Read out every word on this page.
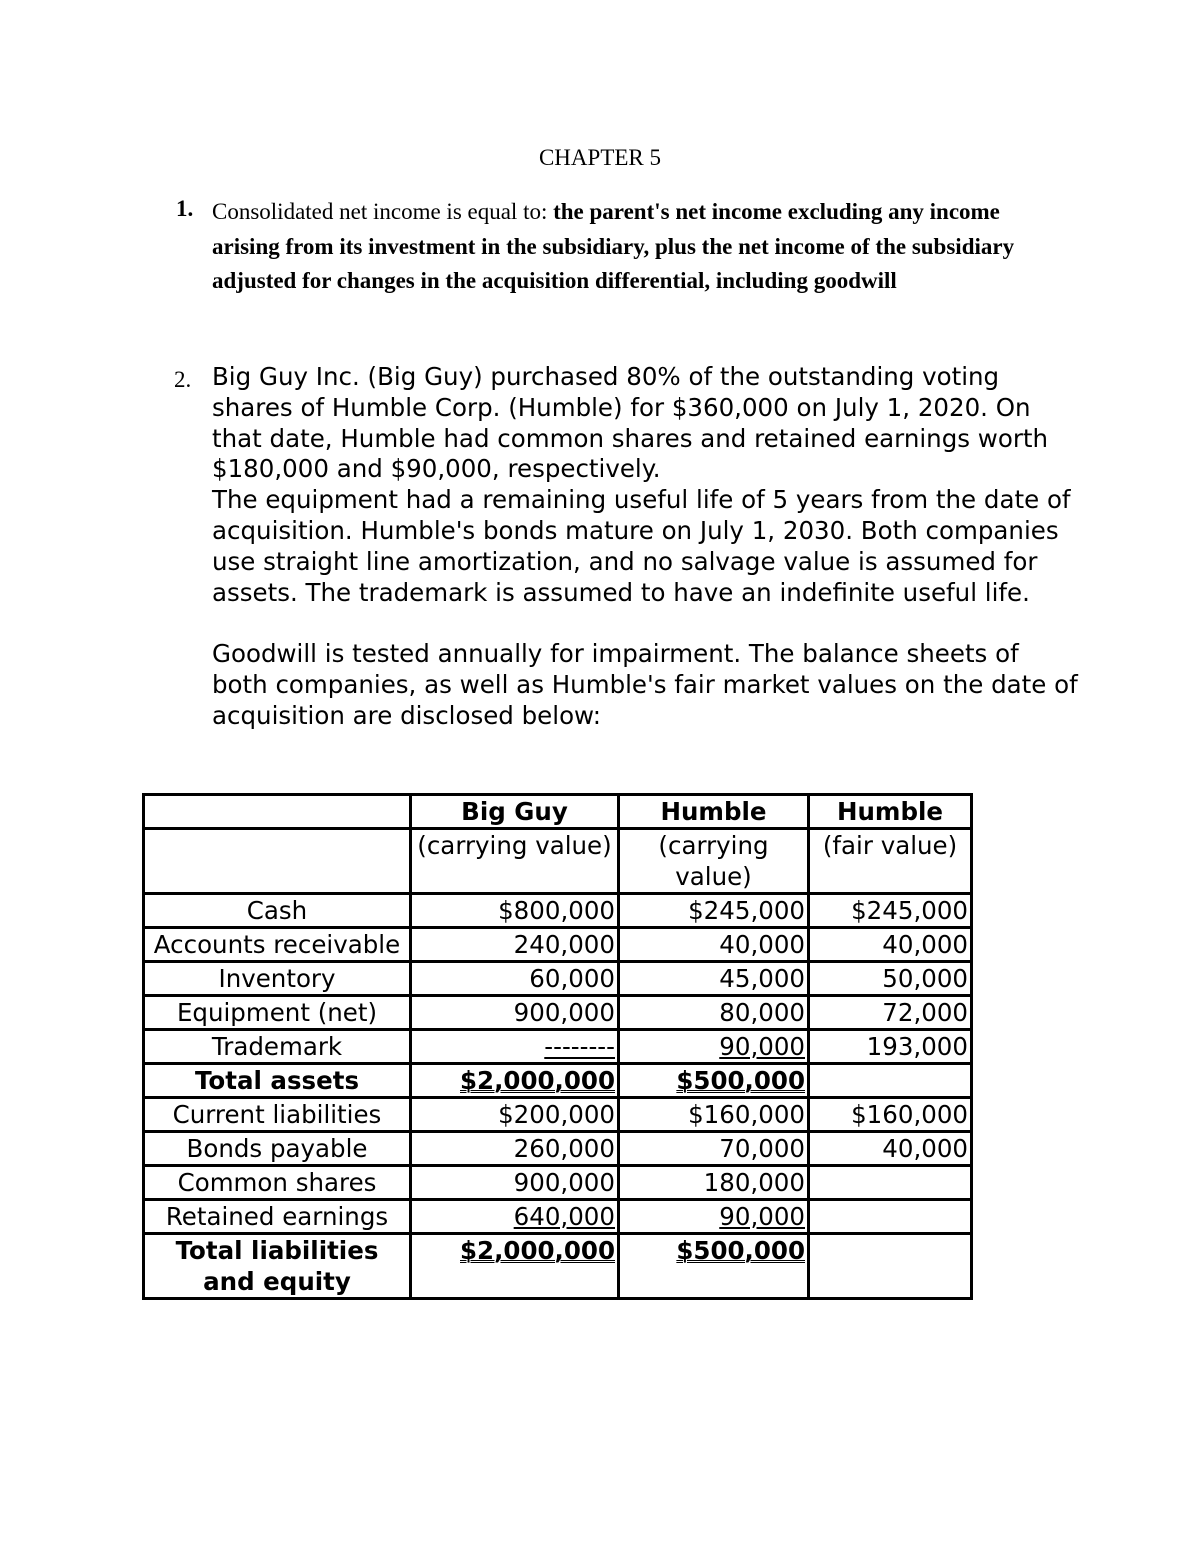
CHAPTER 5
1. Consolidated net income is equal to: the parent's net income excluding any income arising from its investment in the subsidiary, plus the net income of the subsidiary adjusted for changes in the acquisition differential, including goodwill
2. Big Guy Inc. (Big Guy) purchased 80% of the outstanding voting shares of Humble Corp. (Humble) for $360,000 on July 1, 2020. On that date, Humble had common shares and retained earnings worth $180,000 and $90,000, respectively.

The equipment had a remaining useful life of 5 years from the date of acquisition. Humble's bonds mature on July 1, 2030. Both companies use straight line amortization, and no salvage value is assumed for assets. The trademark is assumed to have an indefinite useful life.

Goodwill is tested annually for impairment. The balance sheets of both companies, as well as Humble's fair market values on the date of acquisition are disclosed below:

	Big Guy	Humble	Humble
	(carrying value)	(carrying value)	(fair value)
Cash	$800,000	$245,000	$245,000
Accounts receivable	240,000	40,000	40,000
Inventory	60,000	45,000	50,000
Equipment (net)	900,000	80,000	72,000
Trademark	--------	90,000	193,000
Total assets	$2,000,000	$500,000	
Current liabilities	$200,000	$160,000	$160,000
Bonds payable	260,000	70,000	40,000
Common shares	900,000	180,000	
Retained earnings	640,000	90,000	
Total liabilities and equity	$2,000,000	$500,000	
